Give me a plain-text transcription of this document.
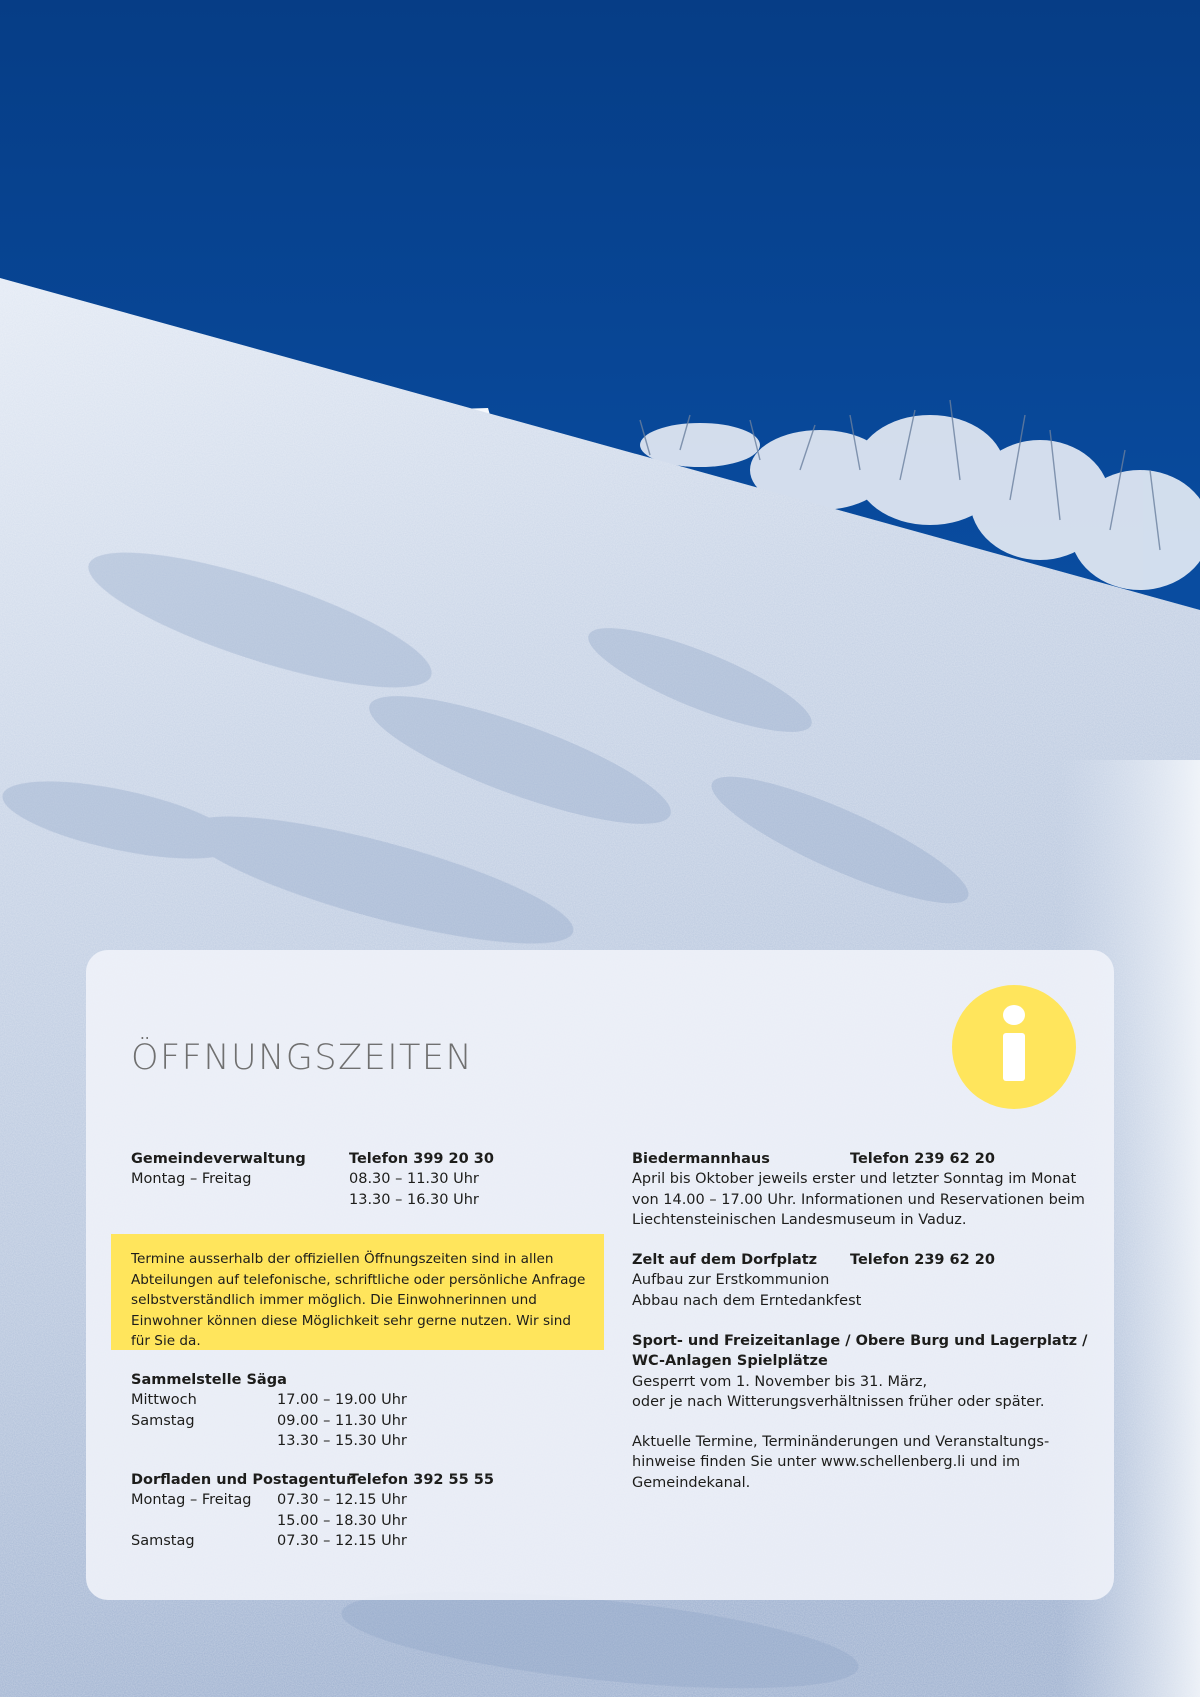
ÖFFNUNGSZEITEN
Gemeindeverwaltung	Telefon 399 20 30
Montag – Freitag	08.30 – 11.30 Uhr
13.30 – 16.30 Uhr

Termine ausserhalb der offiziellen Öffnungszeiten sind in allen Abteilungen auf telefonische, schriftliche oder persönliche Anfrage selbstverständlich immer möglich. Die Einwohnerinnen und Einwohner können diese Möglichkeit sehr gerne nutzen. Wir sind für Sie da.

Sammelstelle Säga
Mittwoch	17.00 – 19.00 Uhr
Samstag	09.00 – 11.30 Uhr
13.30 – 15.30 Uhr
Dorfladen und Postagentur
Telefon 392 55 55
Montag – Freitag 07.30 – 12.15 Uhr
15.00 – 18.30 Uhr
Samstag	07.30 – 12.15 Uhr
Biedermannhaus	Telefon 239 62 20

April bis Oktober jeweils erster und letzter Sonntag im Monat

von 14.00 – 17.00 Uhr. Informationen und Reservationen beim

Liechtensteinischen Landesmuseum in Vaduz.

Zelt auf dem Dorfplatz Telefon 239 62 20

Aufbau zur Erstkommunion

Abbau nach dem Erntedankfest

Sport- und Freizeitanlage / Obere Burg und Lagerplatz /

WC-Anlagen Spielplätze

Gesperrt vom 1. November bis 31. März,

oder je nach Witterungsverhältnissen früher oder später.

Aktuelle Termine, Terminänderungen und Veranstaltungs-

hinweise finden Sie unter www.schellenberg.li und im

Gemeindekanal.
